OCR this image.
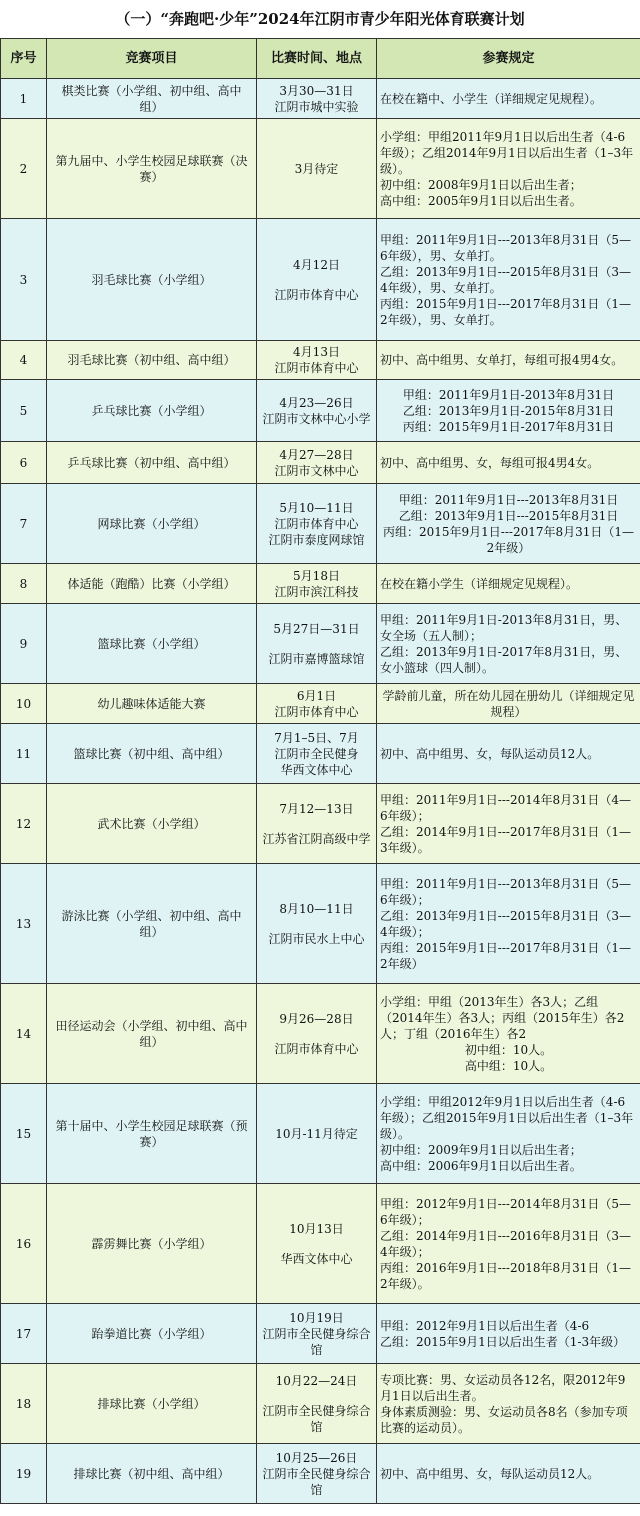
（一）“奔跑吧·少年”2024年江阴市青少年阳光体育联赛计划
序号	竞赛项目	比赛时间、地点	参赛规定
1	棋类比赛（小学组、初中组、高中组）	3月30—31日
江阴市城中实验	在校在籍中、小学生（详细规定见规程）。

2	第九届中、小学生校园足球联赛（决赛）	3月待定	小学组：甲组2011年9月1日以后出生者（4-6年级）；乙组2014年9月1日以后出生者（1–3年级）。
初中组：2008年9月1日以后出生者；
高中组：2005年9月1日以后出生者。

3	羽毛球比赛（小学组）	4月12日
江阴市体育中心	甲组：2011年9月1日---2013年8月31日（5—6年级），男、女单打。
乙组：2013年9月1日---2015年8月31日（3—4年级），男、女单打。
丙组：2015年9月1日---2017年8月31日（1—2年级），男、女单打。

4	羽毛球比赛（初中组、高中组）	4月13日
江阴市体育中心	初中、高中组男、女单打，每组可报4男4女。

5	乒乓球比赛（小学组）	4月23—26日
江阴市文林中心小学	甲组：2011年9月1日-2013年8月31日
乙组：2013年9月1日-2015年8月31日
丙组：2015年9月1日-2017年8月31日

6	乒乓球比赛（初中组、高中组）	4月27—28日
江阴市文林中心	初中、高中组男、女，每组可报4男4女。

7	网球比赛（小学组）	5月10—11日
江阴市体育中心
江阴市泰度网球馆	甲组：2011年9月1日---2013年8月31日
乙组：2013年9月1日---2015年8月31日
丙组：2015年9月1日---2017年8月31日（1—2年级）

8	体适能（跑酷）比赛（小学组）	5月18日
江阴市滨江科技	在校在籍小学生（详细规定见规程）。

9	篮球比赛（小学组）	5月27日—31日
江阴市嘉博篮球馆	甲组：2011年9月1日-2013年8月31日，男、女全场（五人制）；
乙组：2013年9月1日-2017年8月31日，男、女小篮球（四人制）。

10	幼儿趣味体适能大赛	6月1日
江阴市体育中心	学龄前儿童，所在幼儿园在册幼儿（详细规定见规程）

11	篮球比赛（初中组、高中组）	7月1–5日、7月
江阴市全民健身
华西文体中心	初中、高中组男、女，每队运动员12人。

12	武术比赛（小学组）	7月12—13日
江苏省江阴高级中学	甲组：2011年9月1日---2014年8月31日（4—6年级）；
乙组：2014年9月1日---2017年8月31日（1—3年级）。

13	游泳比赛（小学组、初中组、高中组）	8月10—11日
江阴市民水上中心	甲组：2011年9月1日---2013年8月31日（5—6年级）；
乙组：2013年9月1日---2015年8月31日（3—4年级）；
丙组：2015年9月1日---2017年8月31日（1—2年级）

14	田径运动会（小学组、初中组、高中组）	9月26—28日
江阴市体育中心	小学组：甲组（2013年生）各3人；乙组（2014年生）各3人；丙组（2015年生）各2人；丁组（2016年生）各2
初中组：10人。
高中组：10人。

15	第十届中、小学生校园足球联赛（预赛）	10月-11月待定	小学组：甲组2012年9月1日以后出生者（4-6年级）；乙组2015年9月1日以后出生者（1–3年级）。
初中组：2009年9月1日以后出生者；
高中组：2006年9月1日以后出生者。

16	霹雳舞比赛（小学组）	10月13日
华西文体中心	甲组：2012年9月1日---2014年8月31日（5—6年级）；
乙组：2014年9月1日---2016年8月31日（3—4年级）；
丙组：2016年9月1日---2018年8月31日（1—2年级）。

17	跆拳道比赛（小学组）	10月19日
江阴市全民健身综合馆	甲组：2012年9月1日以后出生者（4-6
乙组：2015年9月1日以后出生者（1-3年级）

18	排球比赛（小学组）	10月22—24日
江阴市全民健身综合馆	专项比赛：男、女运动员各12名，限2012年9月1日以后出生者。
身体素质测验：男、女运动员各8名（参加专项比赛的运动员）。

19	排球比赛（初中组、高中组）	10月25—26日
江阴市全民健身综合馆	初中、高中组男、女，每队运动员12人。
